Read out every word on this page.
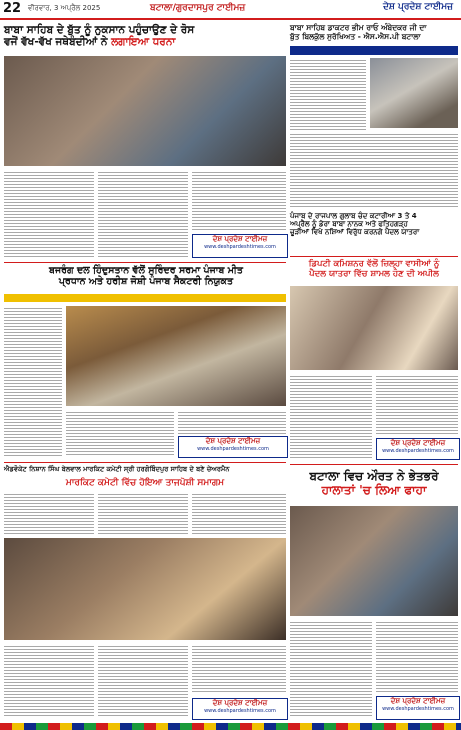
22 ਵੀਰਵਾਰ, 3 ਅਪ੍ਰੈਲ 2025	ਬਟਾਲਾ/ਗੁਰਦਾਸਪੁਰ ਟਾਈਮਜ਼	ਦੇਸ਼ ਪ੍ਰਦੇਸ਼ ਟਾਈਮਜ਼
ਬਾਬਾ ਸਾਹਿਬ ਦੇ ਬੁੱਤ ਨੂੰ ਨੁਕਸਾਨ ਪਹੁੰਚਾਉਣ ਦੇ ਰੋਸ
ਵਜੋਂ ਵੱਖ-ਵੱਖ ਜਥੇਬੰਦੀਆਂ ਨੇ ਲਗਾਇਆ ਧਰਨਾ
ਦੇਸ਼ ਪ੍ਰਦੇਸ਼ ਟਾਈਮਜ਼
www.deshpardeshtimes.com
ਬਾਬਾ ਸਾਹਿਬ ਡਾਕਟਰ ਭੀਮ ਰਾਓ ਅੰਬੇਦਕਰ ਜੀ ਦਾ
ਬੁੱਤ ਬਿਲਕੁੱਲ ਸੁਰੱਖਿਅਤ - ਐਸ.ਐਸ.ਪੀ ਬਟਾਲਾ
ਪੰਜਾਬ ਦੇ ਰਾਜਪਾਲ ਗੁਲਾਬ ਚੰਦ ਕਟਾਰੀਆ 3 ਤੇ 4
ਅਪ੍ਰੈਲ ਨੂੰ ਡੇਰਾ ਬਾਬਾ ਨਾਨਕ ਅਤੇ ਫਤਿਹਗੜ੍ਹ
ਚੂੜੀਆਂ ਵਿਖੇ ਨਸ਼ਿਆਂ ਵਿਰੁੱਧ ਕਰਨਗੇ ਪੈਦਲ ਯਾਤਰਾ
ਬਜਰੰਗ ਦਲ ਹਿੰਦੁਸਤਾਨ ਵੱਲੋਂ ਸੁਰਿੰਦਰ ਸਰਮਾ ਪੰਜਾਬ ਮੀਤ
ਪ੍ਰਧਾਨ ਅਤੇ ਹਰੀਸ਼ ਜੋਸ਼ੀ ਪੰਜਾਬ ਸੈਕਟਰੀ ਨਿਯੁਕਤ
ਦੇਸ਼ ਪ੍ਰਦੇਸ਼ ਟਾਈਮਜ਼
www.deshpardeshtimes.com
ਡਿਪਟੀ ਕਮਿਸ਼ਨਰ ਵੱਲੋਂ ਜ਼ਿਲ੍ਹਾ ਵਾਸੀਆਂ ਨੂੰ
ਪੈਦਲ ਯਾਤਰਾ ਵਿੱਚ ਸ਼ਾਮਲ ਹੋਣ ਦੀ ਅਪੀਲ
ਦੇਸ਼ ਪ੍ਰਦੇਸ਼ ਟਾਈਮਜ਼
www.deshpardeshtimes.com
ਐਡਵੋਕੇਟ ਨਿਸ਼ਾਨ ਸਿੰਘ ਬੇਲਵਾਲ ਮਾਰਕਿਟ ਕਮੇਟੀ ਸ੍ਰੀ ਹਰਗੋਬਿੰਦਪੁਰ ਸਾਹਿਬ ਦੇ ਬਣੇ ਚੇਅਰਮੈਨ
ਮਾਰਕਿਟ ਕਮੇਟੀ ਵਿੱਚ ਹੋਇਆ ਤਾਜਪੋਸ਼ੀ ਸਮਾਗਮ
ਦੇਸ਼ ਪ੍ਰਦੇਸ਼ ਟਾਈਮਜ਼
www.deshpardeshtimes.com
ਬਟਾਲਾ ਵਿਚ ਔਰਤ ਨੇ ਭੇਤਭਰੇ
ਹਾਲਾਤਾਂ 'ਚ ਲਿਆ ਫਾਹਾ
ਦੇਸ਼ ਪ੍ਰਦੇਸ਼ ਟਾਈਮਜ਼
www.deshpardeshtimes.com
